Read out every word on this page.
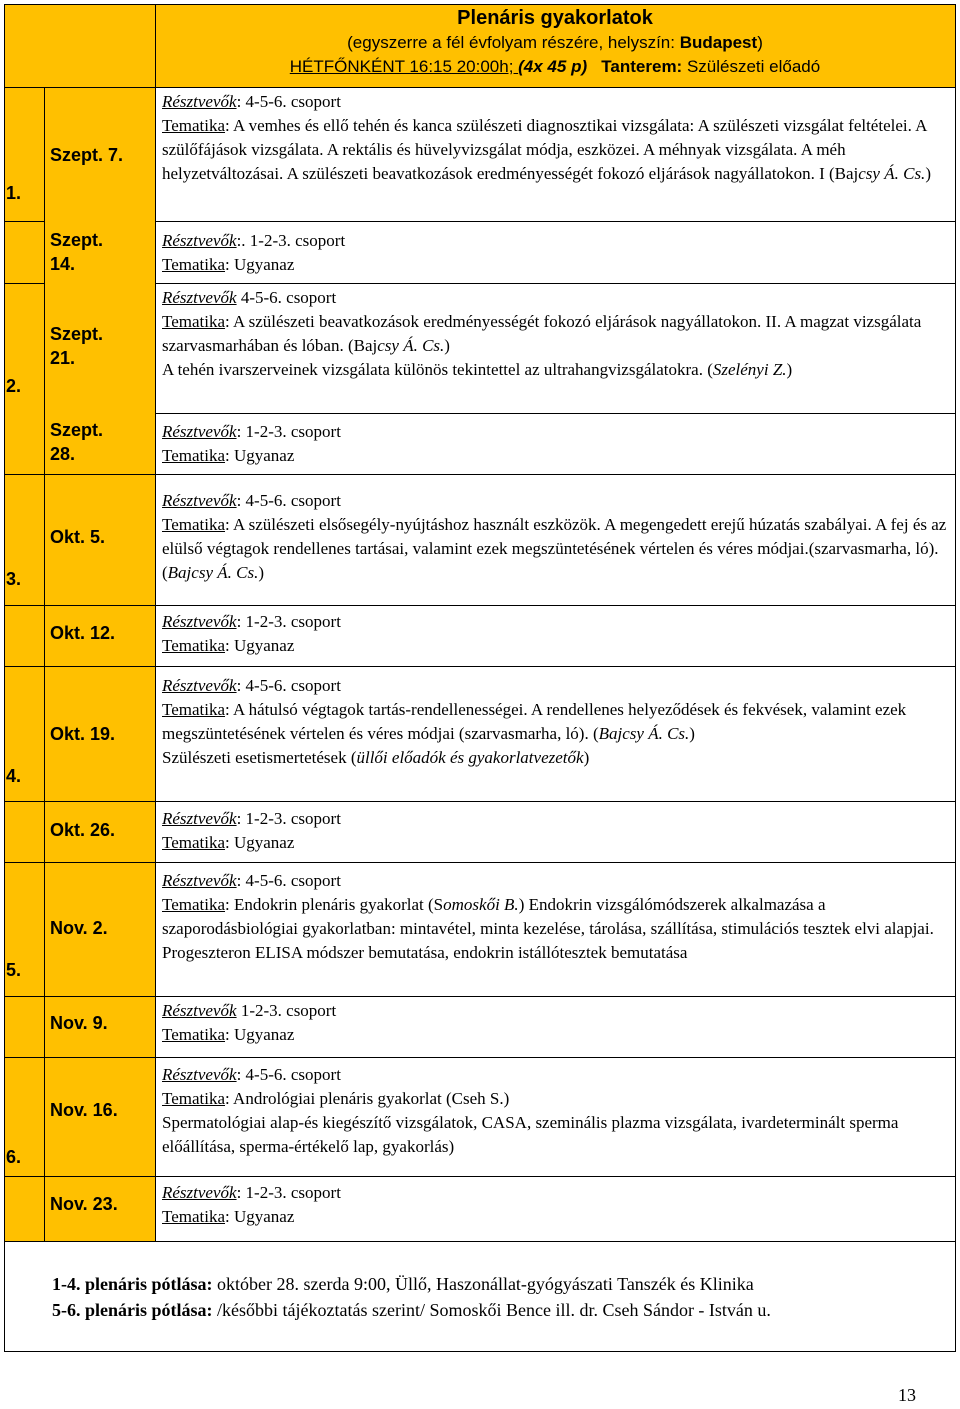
Plenáris gyakorlatok
(egyszerre a fél évfolyam részére, helyszín: Budapest)
HÉTFŐNKÉNT 16:15 20:00h; (4x 45 p) Tanterem: Szülészeti előadó
1.
2.
3.
4.
5.
6.
Szept. 7.
Szept.
14.
Szept.
21.
Szept.
28.
Okt. 5.
Okt. 12.
Okt. 19.
Okt. 26.
Nov. 2.
Nov. 9.
Nov. 16.
Nov. 23.

Résztvevők: 4-5-6. csoport

Tematika: A vemhes és ellő tehén és kanca szülészeti diagnosztikai vizsgálata: A szülészeti vizsgálat feltételei. A szülőfájások vizsgálata. A rektális és hüvelyvizsgálat módja, eszközei. A méhnyak vizsgálata. A méh helyzetváltozásai. A szülészeti beavatkozások eredményességét fokozó eljárások nagyállatokon. I (Bajcsy Á. Cs.)

Résztvevők:. 1-2-3. csoport

Tematika: Ugyanaz

Résztvevők 4-5-6. csoport

Tematika: A szülészeti beavatkozások eredményességét fokozó eljárások nagyállatokon. II. A magzat vizsgálata szarvasmarhában és lóban. (Bajcsy Á. Cs.)

A tehén ivarszerveinek vizsgálata különös tekintettel az ultrahangvizsgálatokra. (Szelényi Z.)

Résztvevők: 1-2-3. csoport

Tematika: Ugyanaz

Résztvevők: 4-5-6. csoport

Tematika: A szülészeti elsősegély-nyújtáshoz használt eszközök. A megengedett erejű húzatás szabályai. A fej és az elülső végtagok rendellenes tartásai, valamint ezek megszüntetésének vértelen és véres módjai.(szarvasmarha, ló). (Bajcsy Á. Cs.)

Résztvevők: 1-2-3. csoport

Tematika: Ugyanaz

Résztvevők: 4-5-6. csoport

Tematika: A hátulsó végtagok tartás-rendellenességei. A rendellenes helyeződések és fekvések, valamint ezek megszüntetésének vértelen és véres módjai (szarvasmarha, ló). (Bajcsy Á. Cs.)

Szülészeti esetismertetések (üllői előadók és gyakorlatvezetők)

Résztvevők: 1-2-3. csoport

Tematika: Ugyanaz

Résztvevők: 4-5-6. csoport

Tematika: Endokrin plenáris gyakorlat (Somoskői B.) Endokrin vizsgálómódszerek alkalmazása a szaporodásbiológiai gyakorlatban: mintavétel, minta kezelése, tárolása, szállítása, stimulációs tesztek elvi alapjai. Progeszteron ELISA módszer bemutatása, endokrin istállótesztek bemutatása

Résztvevők 1-2-3. csoport

Tematika: Ugyanaz

Résztvevők: 4-5-6. csoport

Tematika: Andrológiai plenáris gyakorlat (Cseh S.)

Spermatológiai alap-és kiegészítő vizsgálatok, CASA, szeminális plazma vizsgálata, ivardeterminált sperma előállítása, sperma-értékelő lap, gyakorlás)

Résztvevők: 1-2-3. csoport

Tematika: Ugyanaz

1-4. plenáris pótlása: október 28. szerda 9:00, Üllő, Haszonállat-gyógyászati Tanszék és Klinika
5-6. plenáris pótlása: /későbbi tájékoztatás szerint/ Somoskői Bence ill. dr. Cseh Sándor - István u.
13
